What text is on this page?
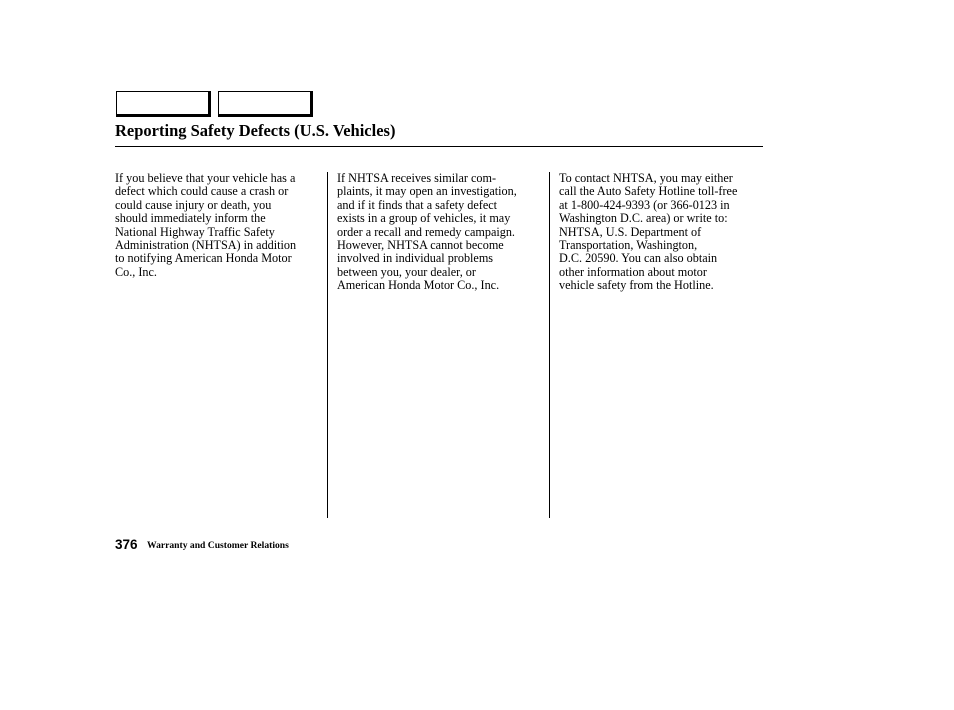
Reporting Safety Defects (U.S. Vehicles)

If you believe that your vehicle has a
defect which could cause a crash or
could cause injury or death, you
should immediately inform the
National Highway Traffic Safety
Administration (NHTSA) in addition
to notifying American Honda Motor
Co., Inc.

If NHTSA receives similar com-
plaints, it may open an investigation,
and if it finds that a safety defect
exists in a group of vehicles, it may
order a recall and remedy campaign.
However, NHTSA cannot become
involved in individual problems
between you, your dealer, or
American Honda Motor Co., Inc.

To contact NHTSA, you may either
call the Auto Safety Hotline toll-free
at 1-800-424-9393 (or 366-0123 in
Washington D.C. area) or write to:
NHTSA, U.S. Department of
Transportation, Washington,
D.C. 20590. You can also obtain
other information about motor
vehicle safety from the Hotline.

376 Warranty and Customer Relations
